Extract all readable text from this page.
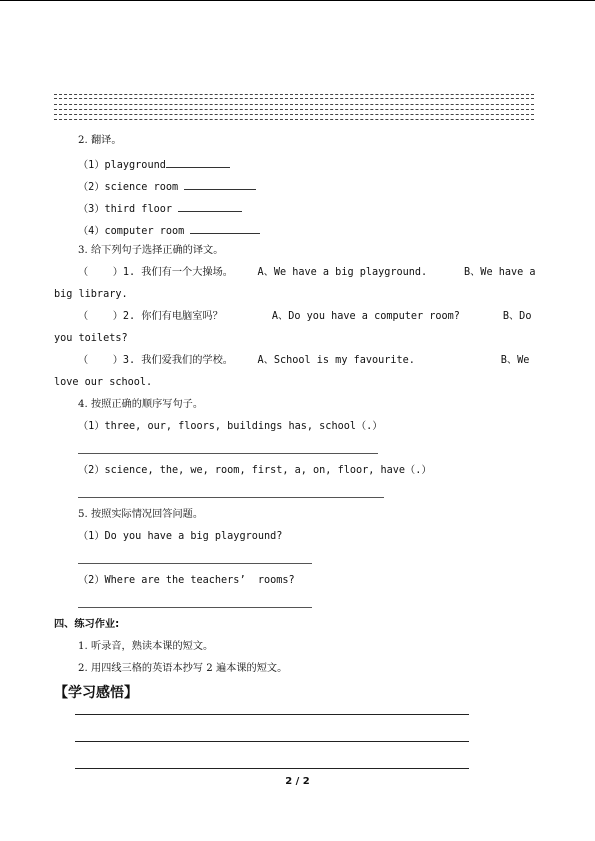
2. 翻译。
（1）playground
（2）science room
（3）third floor
（4）computer room
3. 给下列句子选择正确的译文。
（    ）1. 我们有一个大操场。    A、We have a big playground.      B、We have a
big library.
（    ）2. 你们有电脑室吗？        A、Do you have a computer room?       B、Do
you toilets?
（    ）3. 我们爱我们的学校。    A、School is my favourite.              B、We
love our school.
4. 按照正确的顺序写句子。
（1）three, our, floors, buildings has, school（.）
（2）science, the, we, room, first, a, on, floor, have（.）
5. 按照实际情况回答问题。
（1）Do you have a big playground?
（2）Where are the teachers’  rooms?
四、练习作业:
1. 听录音，熟读本课的短文。
2. 用四线三格的英语本抄写 2 遍本课的短文。
【学习感悟】
2 / 2
